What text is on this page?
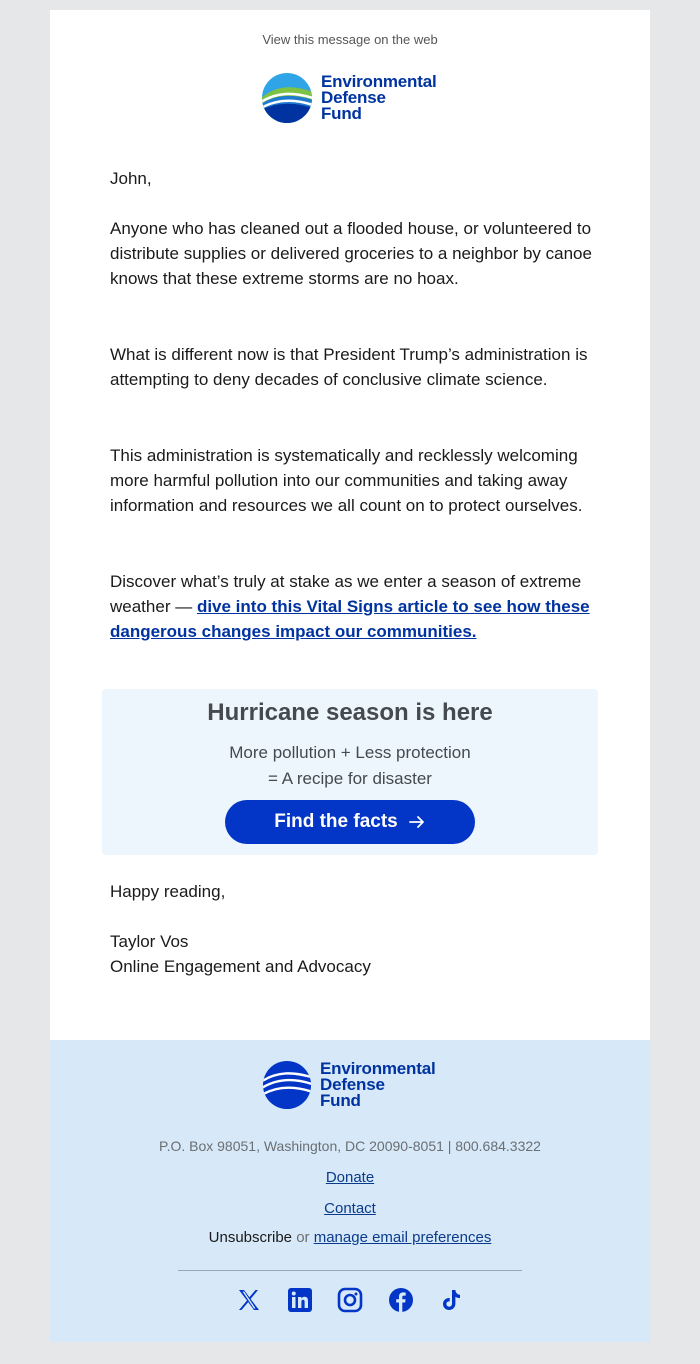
View this message on the web
Environmental
Defense
Fund

John,

Anyone who has cleaned out a flooded house, or volunteered to distribute supplies or delivered groceries to a neighbor by canoe knows that these extreme storms are no hoax.

What is different now is that President Trump’s administration is attempting to deny decades of conclusive climate science.

This administration is systematically and recklessly welcoming more harmful pollution into our communities and taking away information and resources we all count on to protect ourselves.

Discover what’s truly at stake as we enter a season of extreme weather — dive into this Vital Signs article to see how these dangerous changes impact our communities.

Hurricane season is here
More pollution + Less protection
= A recipe for disaster
Find the facts

Happy reading,

Taylor Vos

Online Engagement and Advocacy

Environmental
Defense
Fund
P.O. Box 98051, Washington, DC 20090-8051 | 800.684.3322
Donate
Contact
Unsubscribe or manage email preferences
